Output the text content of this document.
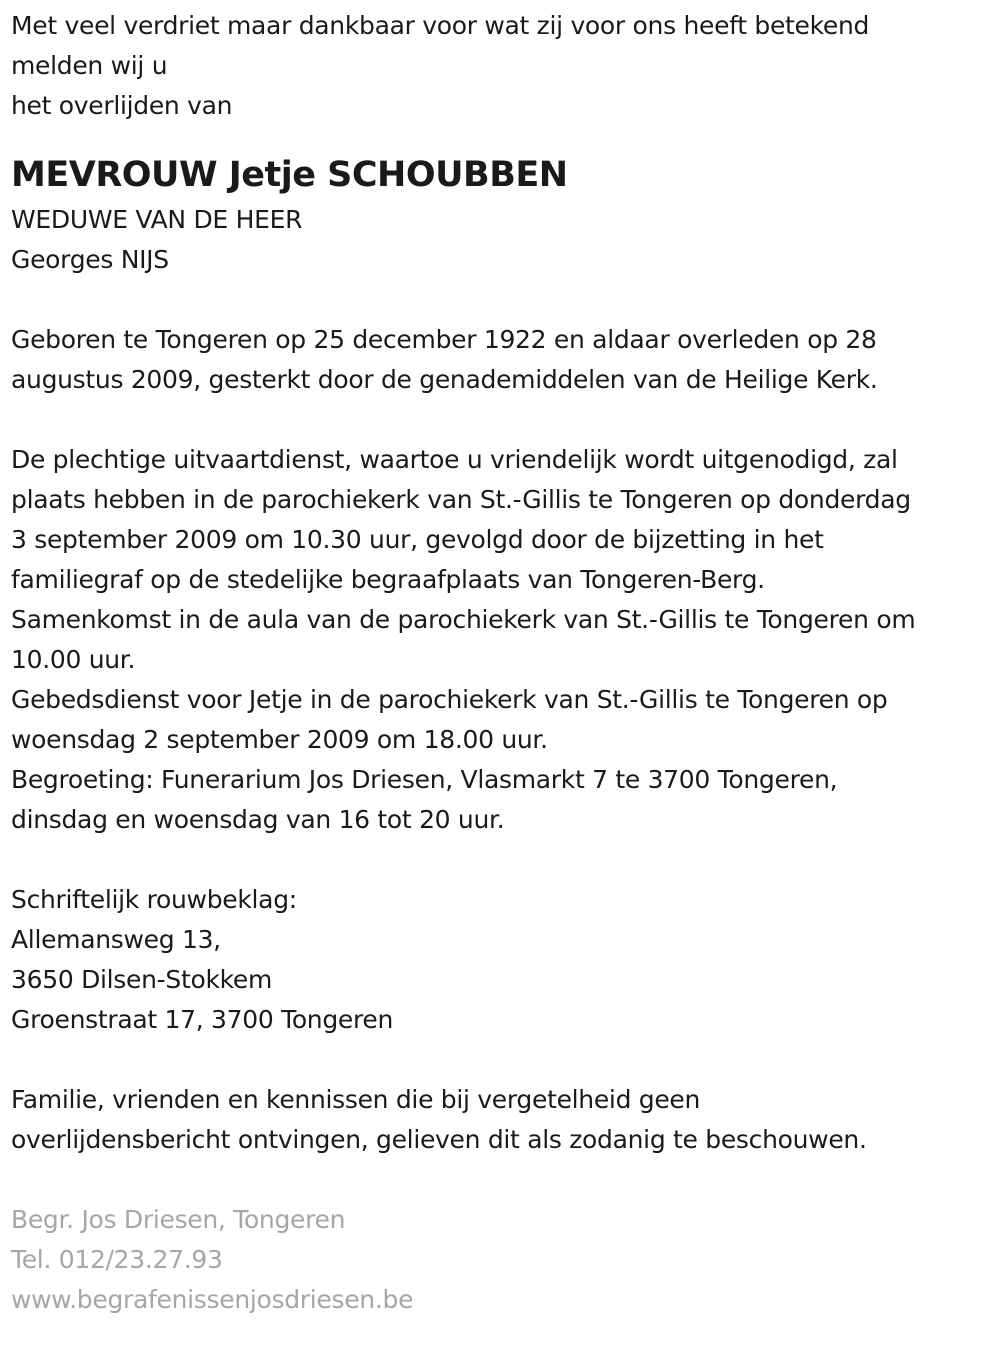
Met veel verdriet maar dankbaar voor wat zij voor ons heeft betekend
melden wij u
het overlijden van
MEVROUW Jetje SCHOUBBEN
WEDUWE VAN DE HEER
Georges NIJS
Geboren te Tongeren op 25 december 1922 en aldaar overleden op 28
augustus 2009, gesterkt door de genademiddelen van de Heilige Kerk.
De plechtige uitvaartdienst, waartoe u vriendelijk wordt uitgenodigd, zal
plaats hebben in de parochiekerk van St.-Gillis te Tongeren op donderdag
3 september 2009 om 10.30 uur, gevolgd door de bijzetting in het
familiegraf op de stedelijke begraafplaats van Tongeren-Berg.
Samenkomst in de aula van de parochiekerk van St.-Gillis te Tongeren om
10.00 uur.
Gebedsdienst voor Jetje in de parochiekerk van St.-Gillis te Tongeren op
woensdag 2 september 2009 om 18.00 uur.
Begroeting: Funerarium Jos Driesen, Vlasmarkt 7 te 3700 Tongeren,
dinsdag en woensdag van 16 tot 20 uur.
Schriftelijk rouwbeklag:
Allemansweg 13,
3650 Dilsen-Stokkem
Groenstraat 17, 3700 Tongeren
Familie, vrienden en kennissen die bij vergetelheid geen
overlijdensbericht ontvingen, gelieven dit als zodanig te beschouwen.
Begr. Jos Driesen, Tongeren
Tel. 012/23.27.93
www.begrafenissenjosdriesen.be
